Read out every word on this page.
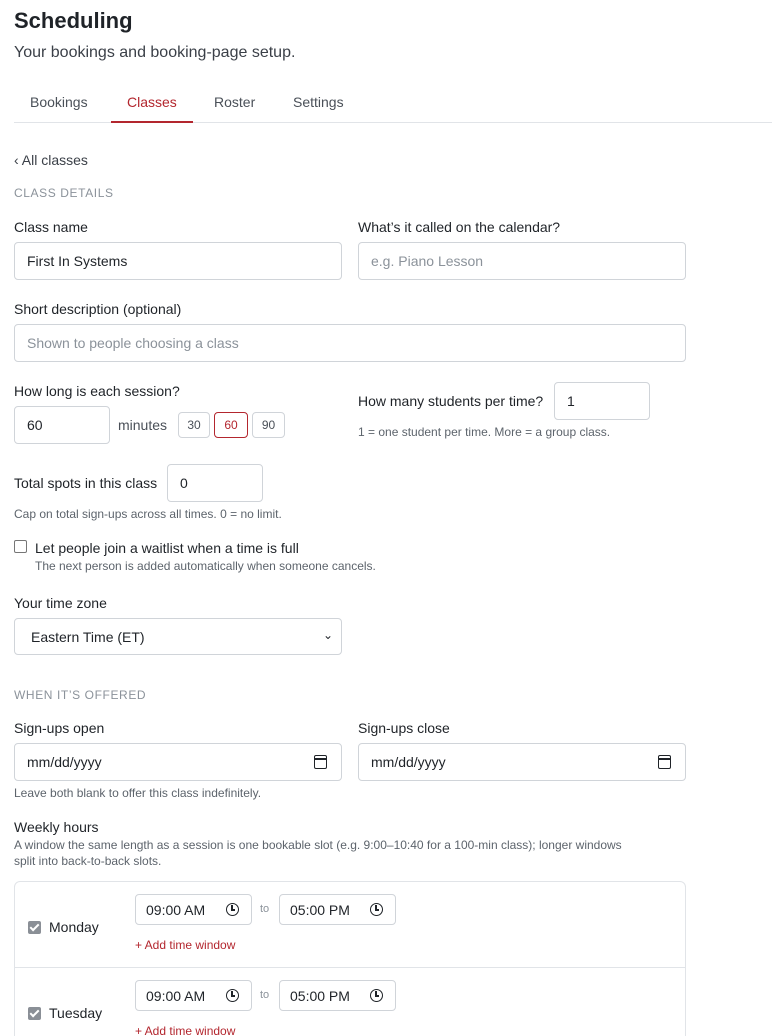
Scheduling
Your bookings and booking-page setup.
Bookings	Classes	Roster	Settings
‹ All classes
CLASS DETAILS
Class name
First In Systems	What’s it called on the calendar?
e.g. Piano Lesson
Short description (optional)
Shown to people choosing a class
How long is each session?
60
minutes	30	60	90
How many students per time?
1
1 = one student per time. More = a group class.
Total spots in this class
0
Cap on total sign-ups across all times. 0 = no limit.
Let people join a waitlist when a time is full
The next person is added automatically when someone cancels.
Your time zone
Eastern Time (ET)	⌄
WHEN IT’S OFFERED
Sign-ups open
mm/dd/yyyy
Sign-ups close
mm/dd/yyyy
Leave both blank to offer this class indefinitely.
Weekly hours
A window the same length as a session is one bookable slot (e.g. 9:00–10:40 for a 100-min class); longer windows
split into back-to-back slots.
Monday
09:00 AM	to	05:00 PM
+ Add time window
Tuesday
09:00 AM	to	05:00 PM
+ Add time window
